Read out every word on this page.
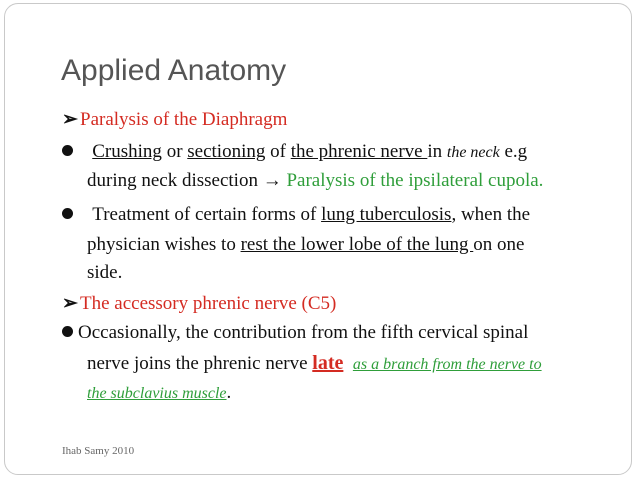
Applied Anatomy
➢ Paralysis of the Diaphragm
Crushing or sectioning of the phrenic nerve in the neck e.g
during neck dissection → Paralysis of the ipsilateral cupola.
Treatment of certain forms of lung tuberculosis, when the
physician wishes to rest the lower lobe of the lung on one
side.
➢ The accessory phrenic nerve (C5)
Occasionally, the contribution from the fifth cervical spinal
nerve joins the phrenic nerve late as a branch from the nerve to
the subclavius muscle.
Ihab Samy 2010
